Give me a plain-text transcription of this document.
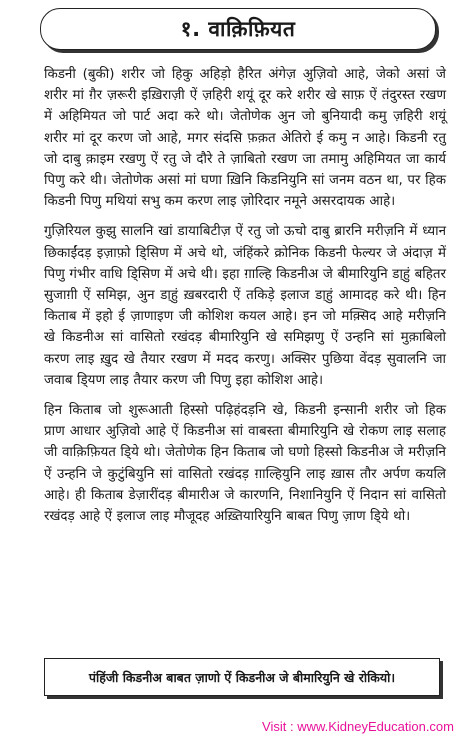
१. वाक़िफ़ियत

किडनी (बुकी) शरीर जो हिकु अहिड़ो हैरित अंगेज़ अुज़िवो आहे, जेको असां जे शरीर मां ग़ैर ज़रूरी इख़िराज़ी ऐं ज़हिरी शयूं दूर करे शरीर खे साफ़ ऐं तंदुरस्त रखण में अहिमियत जो पार्ट अदा करे थो। जेतोणेक अुन जो बुनियादी कमु ज़हिरी शयूं शरीर मां दूर करण जो आहे, मगर संदसि फ़क़त अेतिरो ई कमु न आहे। किडनी रतु जो दाबु क़ाइम रखणु ऐं रतु जे दौरे ते ज़ाबितो रखण जा तमामु अहिमियत जा कार्य पिणु करे थी। जेतोणेक असां मां घणा ख़िनि किडनियुनि सां जनम वठन था, पर हिक किडनी पिणु मथियां सभु कम करण लाइ ज़ोरिदार नमूने असरदायक आहे।

गुज़िरियल कुझु सालनि खां डायाबिटीज़ ऐं रतु जो ऊचो दाबु ब्रारनि मरीज़नि में ध्यान छिकाईंदड़ इज़ाफ़ो डि्सिण में अचे थो, जंहिंकरे क्रोनिक किडनी फेल्यर जे अंदाज़ में पिणु गंभीर वाधि डि्सिण में अचे थी। इहा ग़ाल्हि किडनीअ जे बीमारियुनि डा्हुं बहितर सुजाग़ी ऐं समिझ, अुन डा्हुं ख़बरदारी ऐं तकिड़े इलाज डा्हुं आमादह करे थी। हिन किताब में इहो ई ज़ाणाइण जी कोशिश कयल आहे। इन जो मक़्सिद आहे मरीज़नि खे किडनीअ सां वासितो रखंदड़ बीमारियुनि खे समिझणु ऐं उन्हनि सां मुक़ाबिलो करण लाइ ख़ुद खे तैयार रखण में मदद करणु। अक्सिर पुछिया वेंदड़ सुवालनि जा जवाब डि्यण लाइ तैयार करण जी पिणु इहा कोशिश आहे।

हिन किताब जो शुरूआती हिस्सो पढ़िहंदड़नि खे, किडनी इन्सानी शरीर जो हिक प्राण आधार अुज़िवो आहे ऐं किडनीअ सां वाबस्ता बीमारियुनि खे रोकण लाइ सलाह जी वाक़िफ़ियत डि्ये थो। जेतोणेक हिन किताब जो घणो हिस्सो किडनीअ जे मरीज़नि ऐं उन्हनि जे कुटुंबियुनि सां वासितो रखंदड़ ग़ाल्हियुनि लाइ ख़ास तौर अर्पण कयलि आहे। ही किताब डेज़ारींदड़ बीमारीअ जे कारणनि, निशानियुनि ऐं निदान सां वासितो रखंदड़ आहे ऐं इलाज लाइ मौजूदह अख़्तियारियुनि बाबत पिणु ज़ाण डि्ये थो।

पंहिंजी किडनीअ बाबत ज़ाणो ऐं किडनीअ जे बीमारियुनि खे रोकियो।
Visit : www.KidneyEducation.com
